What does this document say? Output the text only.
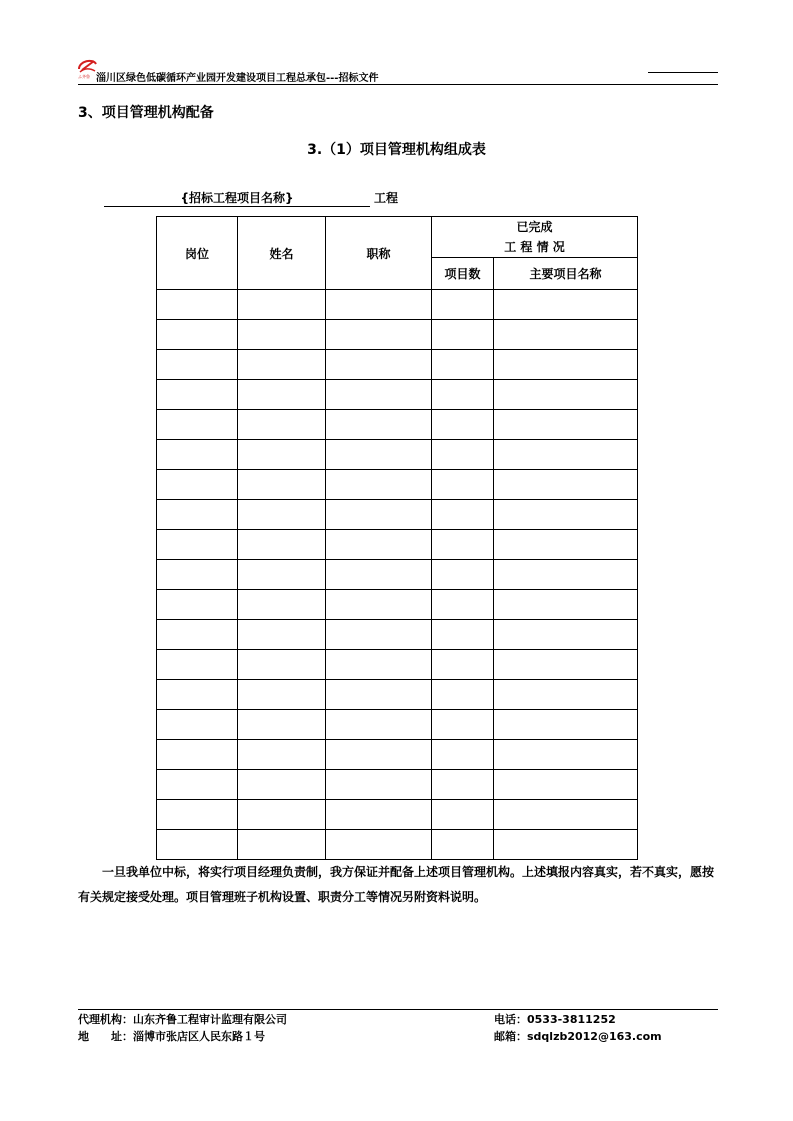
ふ齐鲁 淄川区绿色低碳循环产业园开发建设项目工程总承包---招标文件
3、项目管理机构配备
3.（1）项目管理机构组成表
{招标工程项目名称}	工程
岗位	姓名	职称	已完成
工 程 情 况	

			项目数	主要项目名称

一旦我单位中标，将实行项目经理负责制，我方保证并配备上述项目管理机构。上述填报内容真实，若不真实，愿按有关规定接受处理。项目管理班子机构设置、职责分工等情况另附资料说明。
代理机构：山东齐鲁工程审计监理有限公司
地　　址：淄博市张店区人民东路１号
电话：0533-3811252
邮箱：sdqlzb2012@163.com
